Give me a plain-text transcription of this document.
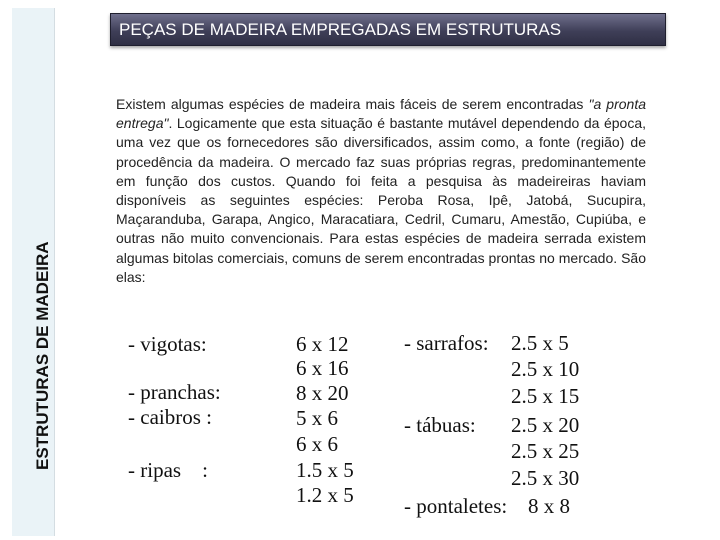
ESTRUTURAS DE MADEIRA
PEÇAS DE MADEIRA EMPREGADAS EM ESTRUTURAS

Existem algumas espécies de madeira mais fáceis de serem encontradas "a pronta entrega". Logicamente que esta situação é bastante mutável dependendo da época, uma vez que os fornecedores são diversificados, assim como, a fonte (região) de procedência da madeira. O mercado faz suas próprias regras, predominantemente em função dos custos. Quando foi feita a pesquisa às madeireiras haviam disponíveis as seguintes espécies: Peroba Rosa, Ipê, Jatobá, Sucupira, Maçaranduba, Garapa, Angico, Maracatiara, Cedril, Cumaru, Amestão, Cupiúba, e outras não muito convencionais. Para estas espécies de madeira serrada existem algumas bitolas comerciais, comuns de serem encontradas prontas no mercado. São elas:

- vigotas:
- pranchas:
- caibros :
- ripas    :
6 x 12
6 x 16
8 x 20
5 x 6
6 x 6
1.5 x 5
1.2 x 5
- sarrafos:
- tábuas:
- pontaletes:
2.5 x 5
2.5 x 10
2.5 x 15
2.5 x 20
2.5 x 25
2.5 x 30
8 x 8
